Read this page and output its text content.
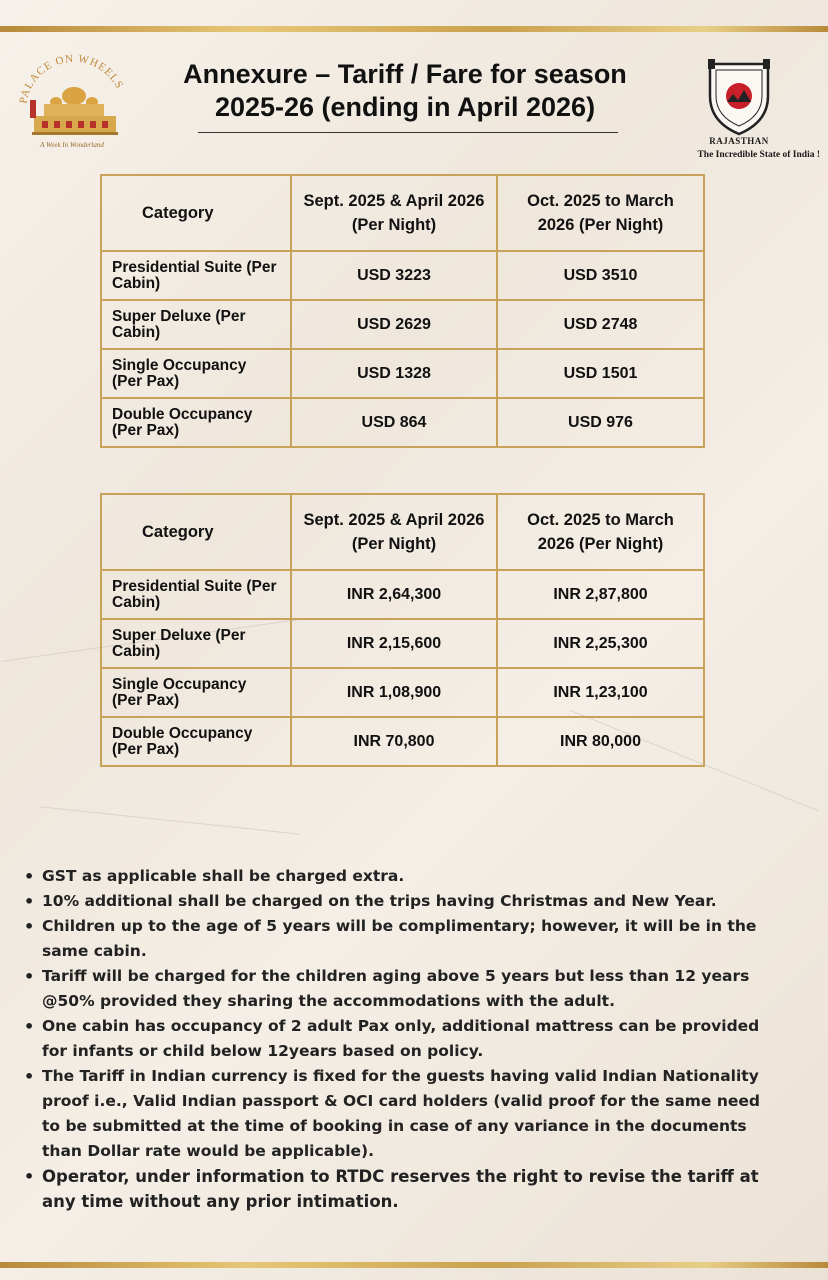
PALACE ON WHEELS
A Week In Wonderland
Annexure – Tariff / Fare for season
2025-26 (ending in April 2026)
RAJASTHAN
The Incredible State of India !
Category	Sept. 2025 & April 2026 (Per Night)	Oct. 2025 to March 2026 (Per Night)
Presidential Suite (Per Cabin)	USD 3223	USD 3510
Super Deluxe (Per Cabin)	USD 2629	USD 2748
Single Occupancy (Per Pax)	USD 1328	USD 1501
Double Occupancy (Per Pax)	USD 864	USD 976
Category	Sept. 2025 & April 2026 (Per Night)	Oct. 2025 to March 2026 (Per Night)
Presidential Suite (Per Cabin)	INR 2,64,300	INR 2,87,800
Super Deluxe (Per Cabin)	INR 2,15,600	INR 2,25,300
Single Occupancy (Per Pax)	INR 1,08,900	INR 1,23,100
Double Occupancy (Per Pax)	INR 70,800	INR 80,000
• GST as applicable shall be charged extra.
• 10% additional shall be charged on the trips having Christmas and New Year.
• Children up to the age of 5 years will be complimentary; however, it will be in the same cabin.
• Tariff will be charged for the children aging above 5 years but less than 12 years @50% provided they sharing the accommodations with the adult.
• One cabin has occupancy of 2 adult Pax only, additional mattress can be provided for infants or child below 12years based on policy.
• The Tariff in Indian currency is fixed for the guests having valid Indian Nationality proof i.e., Valid Indian passport & OCI card holders (valid proof for the same need to be submitted at the time of booking in case of any variance in the documents than Dollar rate would be applicable).
• Operator, under information to RTDC reserves the right to revise the tariff at any time without any prior intimation.
